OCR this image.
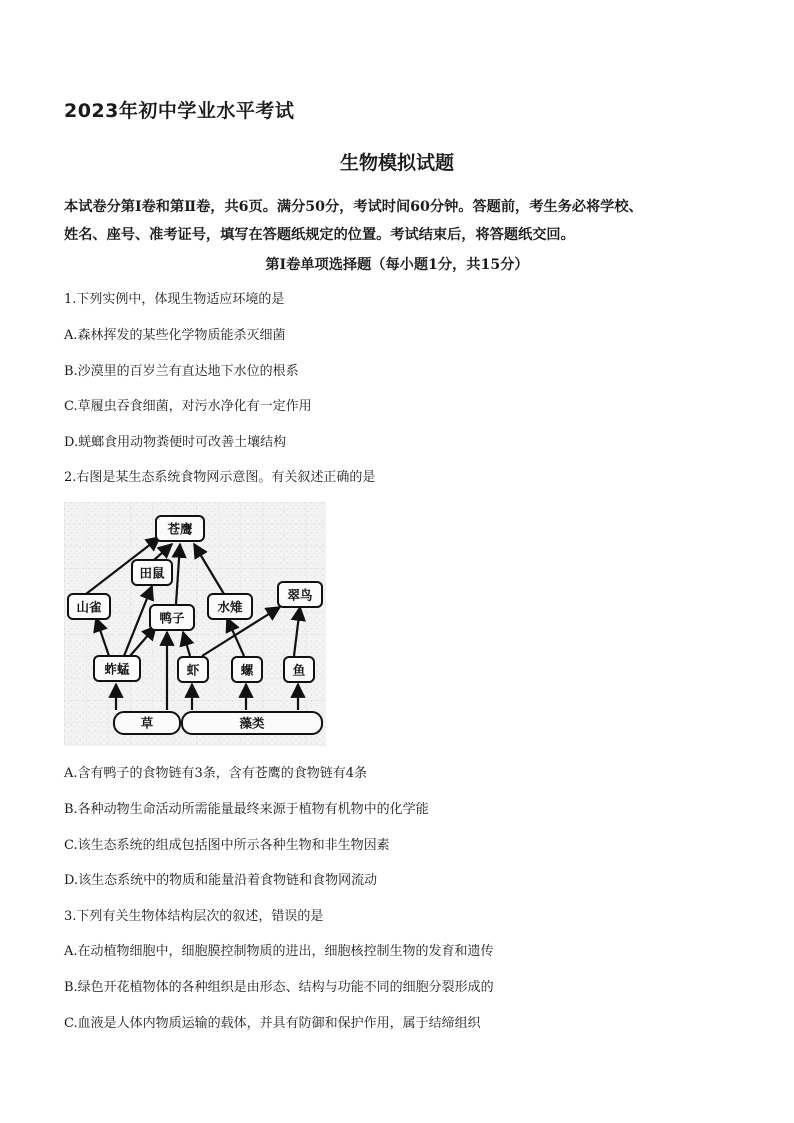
2023年初中学业水平考试
生物模拟试题
本试卷分第Ⅰ卷和第Ⅱ卷，共6页。满分50分，考试时间60分钟。答题前，考生务必将学校、
姓名、座号、准考证号，填写在答题纸规定的位置。考试结束后，将答题纸交回。
第Ⅰ卷单项选择题（每小题1分，共15分）
1.下列实例中，体现生物适应环境的是
A.森林挥发的某些化学物质能杀灭细菌
B.沙漠里的百岁兰有直达地下水位的根系
C.草履虫吞食细菌，对污水净化有一定作用
D.蜣螂食用动物粪便时可改善土壤结构
2.右图是某生态系统食物网示意图。有关叙述正确的是
苍鹰
田鼠
山雀
鸭子
水雉
翠鸟
蚱蜢	虾	螺	鱼
草	藻类
A.含有鸭子的食物链有3条，含有苍鹰的食物链有4条
B.各种动物生命活动所需能量最终来源于植物有机物中的化学能
C.该生态系统的组成包括图中所示各种生物和非生物因素
D.该生态系统中的物质和能量沿着食物链和食物网流动
3.下列有关生物体结构层次的叙述，错误的是
A.在动植物细胞中，细胞膜控制物质的进出，细胞核控制生物的发育和遗传
B.绿色开花植物体的各种组织是由形态、结构与功能不同的细胞分裂形成的
C.血液是人体内物质运输的载体，并具有防御和保护作用，属于结缔组织
